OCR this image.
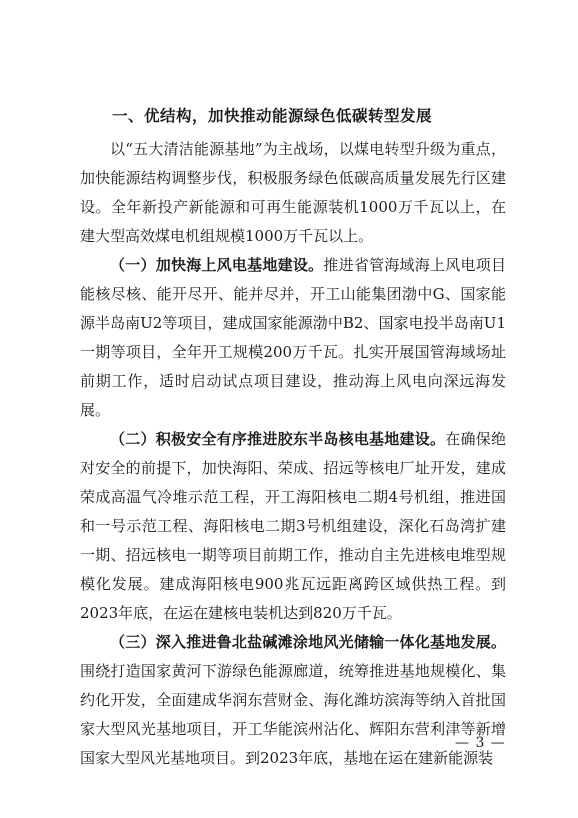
一、优结构，加快推动能源绿色低碳转型发展

以“五大清洁能源基地”为主战场，以煤电转型升级为重点，加快能源结构调整步伐，积极服务绿色低碳高质量发展先行区建设。全年新投产新能源和可再生能源装机1000万千瓦以上，在建大型高效煤电机组规模1000万千瓦以上。

（一）加快海上风电基地建设。推进省管海域海上风电项目能核尽核、能开尽开、能并尽并，开工山能集团渤中G、国家能源半岛南U2等项目，建成国家能源渤中B2、国家电投半岛南U1一期等项目，全年开工规模200万千瓦。扎实开展国管海域场址前期工作，适时启动试点项目建设，推动海上风电向深远海发展。

（二）积极安全有序推进胶东半岛核电基地建设。在确保绝对安全的前提下，加快海阳、荣成、招远等核电厂址开发，建成荣成高温气冷堆示范工程，开工海阳核电二期4号机组，推进国和一号示范工程、海阳核电二期3号机组建设，深化石岛湾扩建一期、招远核电一期等项目前期工作，推动自主先进核电堆型规模化发展。建成海阳核电900兆瓦远距离跨区域供热工程。到2023年底，在运在建核电装机达到820万千瓦。

（三）深入推进鲁北盐碱滩涂地风光储输一体化基地发展。围绕打造国家黄河下游绿色能源廊道，统筹推进基地规模化、集约化开发，全面建成华润东营财金、海化潍坊滨海等纳入首批国家大型风光基地项目，开工华能滨州沾化、辉阳东营利津等新增国家大型风光基地项目。到2023年底，基地在运在建新能源装

— 3 —
